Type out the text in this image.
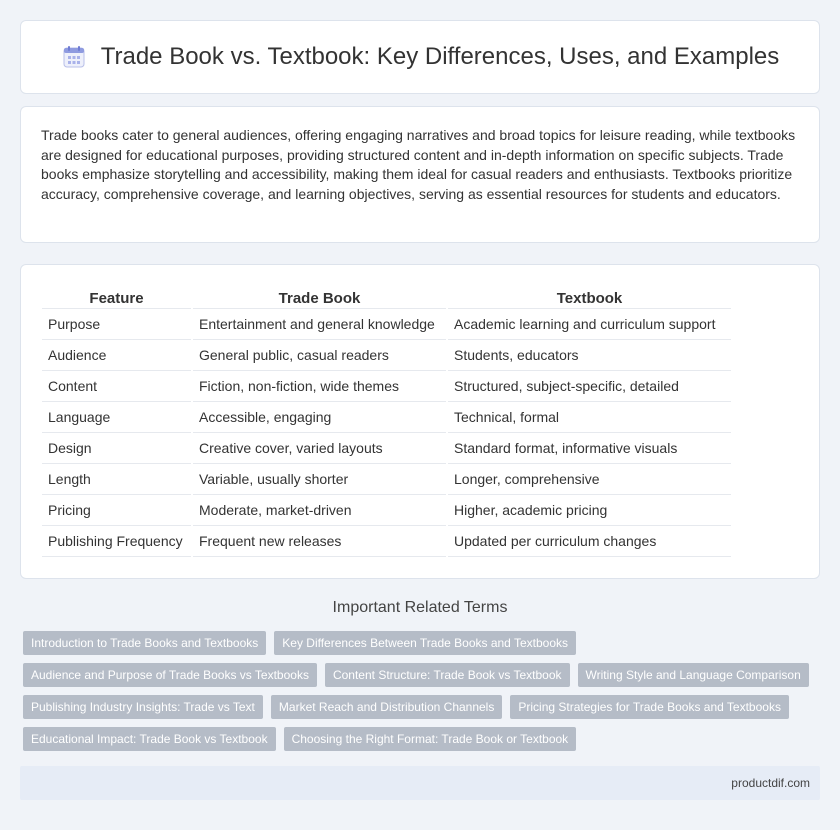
Trade Book vs. Textbook: Key Differences, Uses, and Examples

Trade books cater to general audiences, offering engaging narratives and broad topics for leisure reading, while textbooks are designed for educational purposes, providing structured content and in-depth information on specific subjects. Trade books emphasize storytelling and accessibility, making them ideal for casual readers and enthusiasts. Textbooks prioritize accuracy, comprehensive coverage, and learning objectives, serving as essential resources for students and educators.

Feature	Trade Book	Textbook
Purpose	Entertainment and general knowledge	Academic learning and curriculum support
Audience	General public, casual readers	Students, educators
Content	Fiction, non-fiction, wide themes	Structured, subject-specific, detailed
Language	Accessible, engaging	Technical, formal
Design	Creative cover, varied layouts	Standard format, informative visuals
Length	Variable, usually shorter	Longer, comprehensive
Pricing	Moderate, market-driven	Higher, academic pricing
Publishing Frequency	Frequent new releases	Updated per curriculum changes
Important Related Terms
Introduction to Trade Books and Textbooks	Key Differences Between Trade Books and Textbooks
Audience and Purpose of Trade Books vs Textbooks	Content Structure: Trade Book vs Textbook	Writing Style and Language Comparison
Publishing Industry Insights: Trade vs Text	Market Reach and Distribution Channels	Pricing Strategies for Trade Books and Textbooks
Educational Impact: Trade Book vs Textbook	Choosing the Right Format: Trade Book or Textbook
productdif.com
